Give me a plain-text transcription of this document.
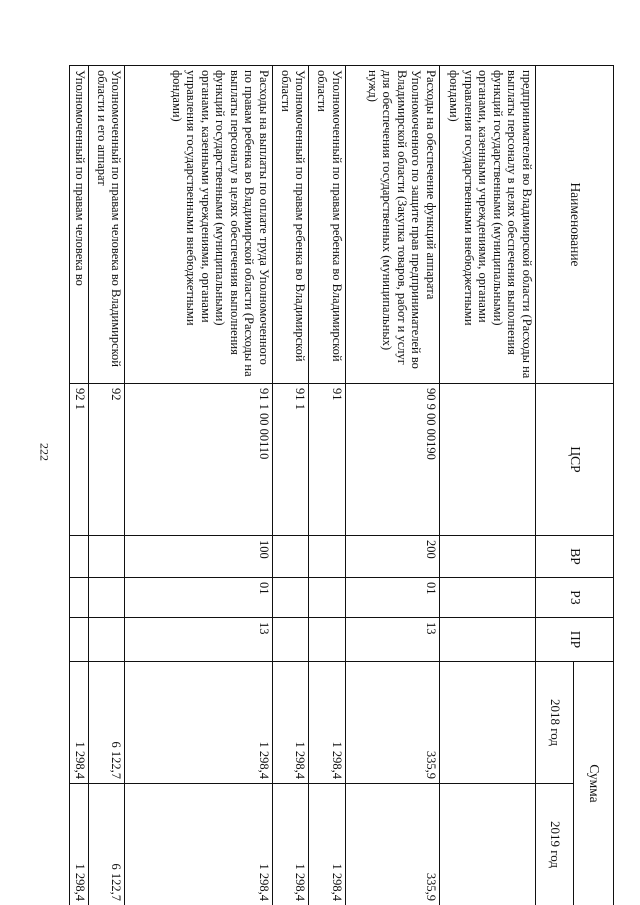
222
Наименование	ЦСР	ВР	РЗ	ПР	Сумма	
					2018 год	2019 год
предпринимателей во Владимирской области (Расходы на выплаты персоналу в целях обеспечения выполнения функций государственными (муниципальными) органами, казенными учреждениями, органами управления государственными внебюджетными фондами)						
Расходы на обеспечение функций аппарата Уполномоченного по защите прав предпринимателей во Владимирской области (Закупка товаров, работ и услуг для обеспечения государственных (муниципальных) нужд)	90 9 00 00190	200	01	13	335,9	335,9
Уполномоченный по правам ребенка во Владимирской области	91				1 298,4	1 298,4
Уполномоченный по правам ребенка во Владимирской области	91 1				1 298,4	1 298,4
Расходы на выплаты по оплате труда Уполномоченного по правам ребенка во Владимирской области (Расходы на выплаты персоналу в целях обеспечения выполнения функций государственными (муниципальными) органами, казенными учреждениями, органами управления государственными внебюджетными фондами)	91 1 00 00110	100	01	13	1 298,4	1 298,4
Уполномоченный по правам человека во Владимирской области и его аппарат	92				6 122,7	6 122,7
Уполномоченный по правам человека во	92 1				1 298,4	1 298,4
